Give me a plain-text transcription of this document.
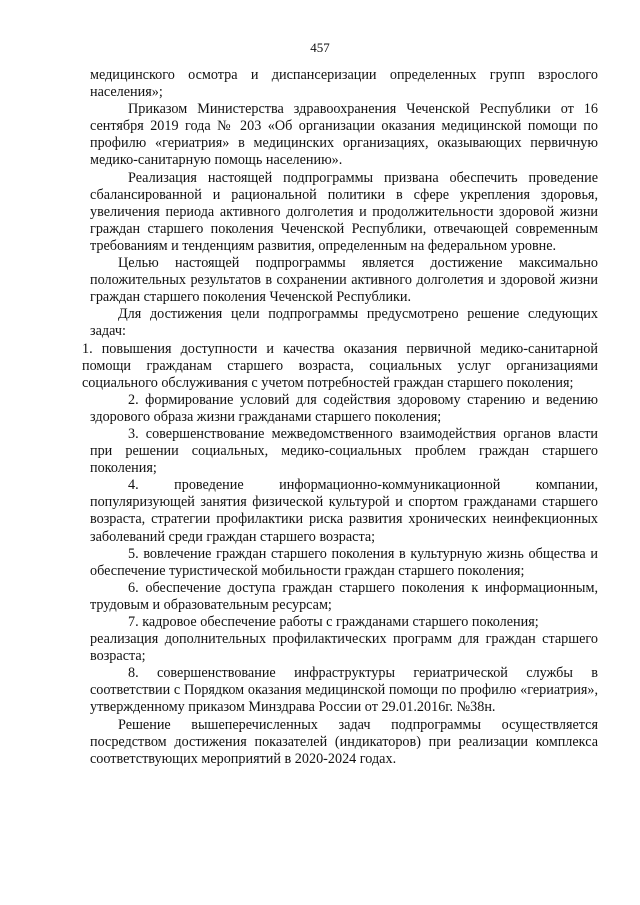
457

медицинского осмотра и диспансеризации определенных групп взрослого населения»;

Приказом Министерства здравоохранения Чеченской Республики от 16 сентября 2019 года № 203 «Об организации оказания медицинской помощи по профилю «гериатрия» в медицинских организациях, оказывающих первичную медико-санитарную помощь населению».

Реализация настоящей подпрограммы призвана обеспечить проведение сбалансированной и рациональной политики в сфере укрепления здоровья, увеличения периода активного долголетия и продолжительности здоровой жизни граждан старшего поколения Чеченской Республики, отвечающей современным требованиям и тенденциям развития, определенным на федеральном уровне.

Целью настоящей подпрограммы является достижение максимально положительных результатов в сохранении активного долголетия и здоровой жизни граждан старшего поколения Чеченской Республики.

Для достижения цели подпрограммы предусмотрено решение следующих задач:

1. повышения доступности и качества оказания первичной медико-санитарной помощи гражданам старшего возраста, социальных услуг организациями социального обслуживания с учетом потребностей граждан старшего поколения;

2. формирование условий для содействия здоровому старению и ведению здорового образа жизни гражданами старшего поколения;

3. совершенствование межведомственного взаимодействия органов власти при решении социальных, медико-социальных проблем граждан старшего поколения;

4. проведение информационно-коммуникационной компании, популяризующей занятия физической культурой и спортом гражданами старшего возраста, стратегии профилактики риска развития хронических неинфекционных заболеваний среди граждан старшего возраста;

5. вовлечение граждан старшего поколения в культурную жизнь общества и обеспечение туристической мобильности граждан старшего поколения;

6. обеспечение доступа граждан старшего поколения к информационным, трудовым и образовательным ресурсам;

7. кадровое обеспечение работы с гражданами старшего поколения;

реализация дополнительных профилактических программ для граждан старшего возраста;

8. совершенствование инфраструктуры гериатрической службы в соответствии с Порядком оказания медицинской помощи по профилю «гериатрия», утвержденному приказом Минздрава России от 29.01.2016г. №38н.

Решение вышеперечисленных задач подпрограммы осуществляется посредством достижения показателей (индикаторов) при реализации комплекса соответствующих мероприятий в 2020-2024 годах.
